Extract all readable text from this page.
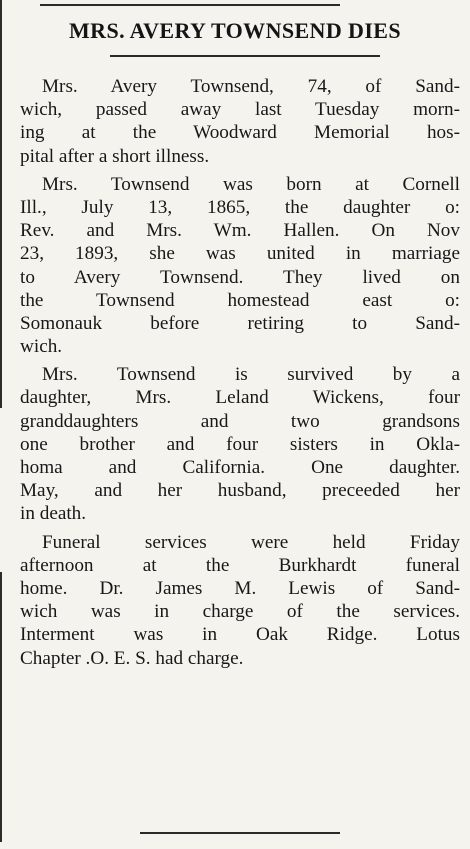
MRS. AVERY TOWNSEND DIES
Mrs. Avery Townsend, 74, of Sand-
wich, passed away last Tuesday morn-
ing at the Woodward Memorial hos-
pital after a short illness.
Mrs. Townsend was born at Cornell
Ill., July 13, 1865, the daughter o:
Rev. and Mrs. Wm. Hallen. On Nov
23, 1893, she was united in marriage
to Avery Townsend. They lived on
the Townsend homestead east o:
Somonauk before retiring to Sand-
wich.
Mrs. Townsend is survived by a
daughter, Mrs. Leland Wickens, four
granddaughters and two grandsons
one brother and four sisters in Okla-
homa and California. One daughter.
May, and her husband, preceeded her
in death.
Funeral services were held Friday
afternoon at the Burkhardt funeral
home. Dr. James M. Lewis of Sand-
wich was in charge of the services.
Interment was in Oak Ridge. Lotus
Chapter .O. E. S. had charge.
